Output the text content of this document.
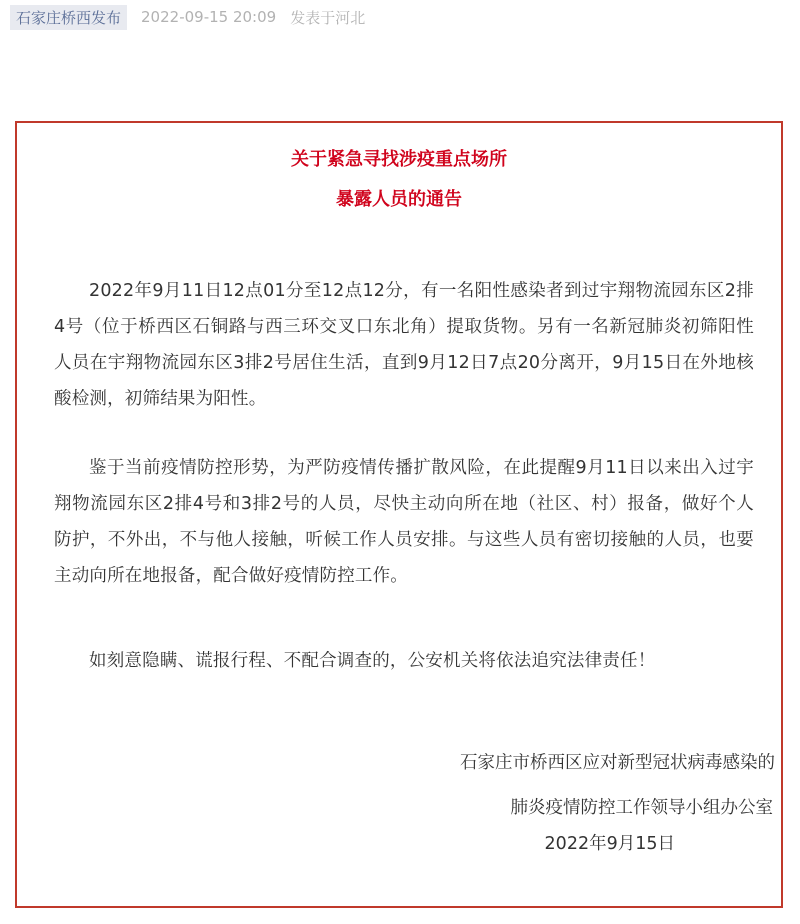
石家庄桥西发布	2022-09-15 20:09 发表于河北
关于紧急寻找涉疫重点场所
暴露人员的通告

2022年9月11日12点01分至12点12分，有一名阳性感染者到过宇翔物流园东区2排4号（位于桥西区石铜路与西三环交叉口东北角）提取货物。另有一名新冠肺炎初筛阳性人员在宇翔物流园东区3排2号居住生活，直到9月12日7点20分离开，9月15日在外地核酸检测，初筛结果为阳性。

鉴于当前疫情防控形势，为严防疫情传播扩散风险，在此提醒9月11日以来出入过宇翔物流园东区2排4号和3排2号的人员，尽快主动向所在地（社区、村）报备，做好个人防护，不外出，不与他人接触，听候工作人员安排。与这些人员有密切接触的人员，也要主动向所在地报备，配合做好疫情防控工作。

如刻意隐瞒、谎报行程、不配合调查的，公安机关将依法追究法律责任！

石家庄市桥西区应对新型冠状病毒感染的
肺炎疫情防控工作领导小组办公室
2022年9月15日
